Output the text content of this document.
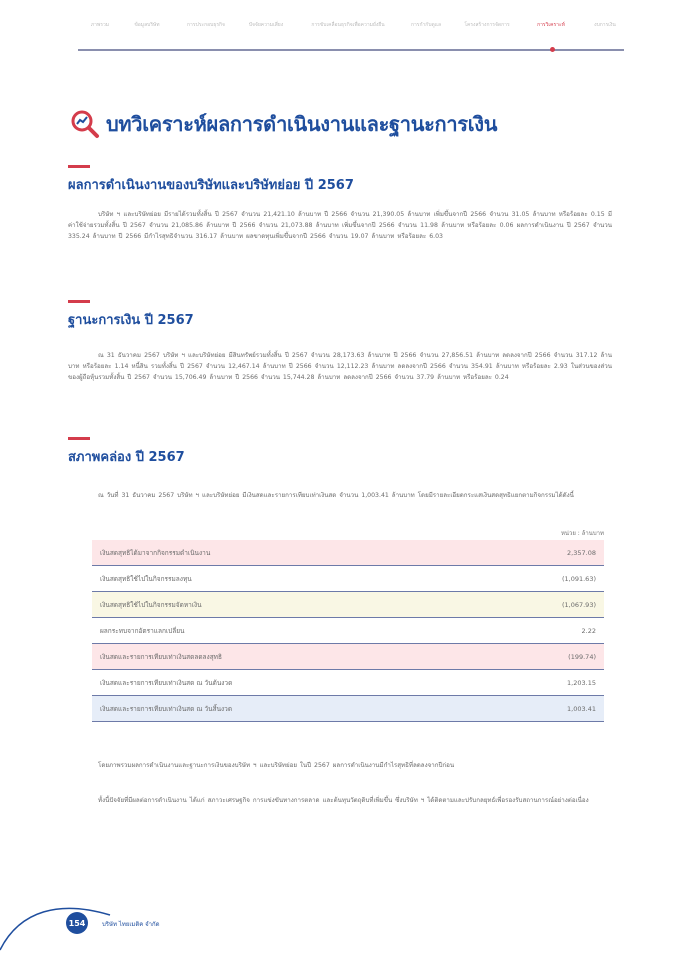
ภาพรวม	ข้อมูลบริษัท	การประกอบธุรกิจ	ปัจจัยความเสี่ยง	การขับเคลื่อนธุรกิจเพื่อความยั่งยืน	การกำกับดูแล	โครงสร้างการจัดการ	การวิเคราะห์	งบการเงิน
บทวิเคราะห์ผลการดำเนินงานและฐานะการเงิน
ผลการดำเนินงานของบริษัทและบริษัทย่อย ปี 2567
บริษัท ฯ และบริษัทย่อย มีรายได้รวมทั้งสิ้น ปี 2567 จำนวน 21,421.10 ล้านบาท ปี 2566 จำนวน 21,390.05 ล้านบาท เพิ่มขึ้นจากปี 2566 จำนวน 31.05 ล้านบาท หรือร้อยละ 0.15 มีค่าใช้จ่ายรวมทั้งสิ้น ปี 2567 จำนวน 21,085.86 ล้านบาท ปี 2566 จำนวน 21,073.88 ล้านบาท เพิ่มขึ้นจากปี 2566 จำนวน 11.98 ล้านบาท หรือร้อยละ 0.06 ผลการดำเนินงาน ปี 2567 จำนวน 335.24 ล้านบาท ปี 2566 มีกำไรสุทธิจำนวน 316.17 ล้านบาท ผลขาดทุนเพิ่มขึ้นจากปี 2566 จำนวน 19.07 ล้านบาท หรือร้อยละ 6.03
ฐานะการเงิน ปี 2567
ณ 31 ธันวาคม 2567 บริษัท ฯ และบริษัทย่อย มีสินทรัพย์รวมทั้งสิ้น ปี 2567 จำนวน 28,173.63 ล้านบาท ปี 2566 จำนวน 27,856.51 ล้านบาท ลดลงจากปี 2566 จำนวน 317.12 ล้านบาท หรือร้อยละ 1.14 หนี้สิน รวมทั้งสิ้น ปี 2567 จำนวน 12,467.14 ล้านบาท ปี 2566 จำนวน 12,112.23 ล้านบาท ลดลงจากปี 2566 จำนวน 354.91 ล้านบาท หรือร้อยละ 2.93 ในส่วนของส่วนของผู้ถือหุ้นรวมทั้งสิ้น ปี 2567 จำนวน 15,706.49 ล้านบาท ปี 2566 จำนวน 15,744.28 ล้านบาท ลดลงจากปี 2566 จำนวน 37.79 ล้านบาท หรือร้อยละ 0.24
สภาพคล่อง ปี 2567
ณ วันที่ 31 ธันวาคม 2567 บริษัท ฯ และบริษัทย่อย มีเงินสดและรายการเทียบเท่าเงินสด จำนวน 1,003.41 ล้านบาท โดยมีรายละเอียดกระแสเงินสดสุทธิแยกตามกิจกรรมได้ดังนี้
หน่วย : ล้านบาท
เงินสดสุทธิได้มาจากกิจกรรมดำเนินงาน	2,357.08
เงินสดสุทธิใช้ไปในกิจกรรมลงทุน	(1,091.63)
เงินสดสุทธิใช้ไปในกิจกรรมจัดหาเงิน	(1,067.93)
ผลกระทบจากอัตราแลกเปลี่ยน	2.22
เงินสดและรายการเทียบเท่าเงินสดลดลงสุทธิ	(199.74)
เงินสดและรายการเทียบเท่าเงินสด ณ วันต้นงวด	1,203.15
เงินสดและรายการเทียบเท่าเงินสด ณ วันสิ้นงวด	1,003.41
โดยภาพรวมผลการดำเนินงานและฐานะการเงินของบริษัท ฯ และบริษัทย่อย ในปี 2567 ผลการดำเนินงานมีกำไรสุทธิที่ลดลงจากปีก่อน
ทั้งนี้ปัจจัยที่มีผลต่อการดำเนินงาน ได้แก่ สภาวะเศรษฐกิจ การแข่งขันทางการตลาด และต้นทุนวัตถุดิบที่เพิ่มขึ้น ซึ่งบริษัท ฯ ได้ติดตามและปรับกลยุทธ์เพื่อรองรับสถานการณ์อย่างต่อเนื่อง
154	บริษัท ไทยเมติค จำกัด
